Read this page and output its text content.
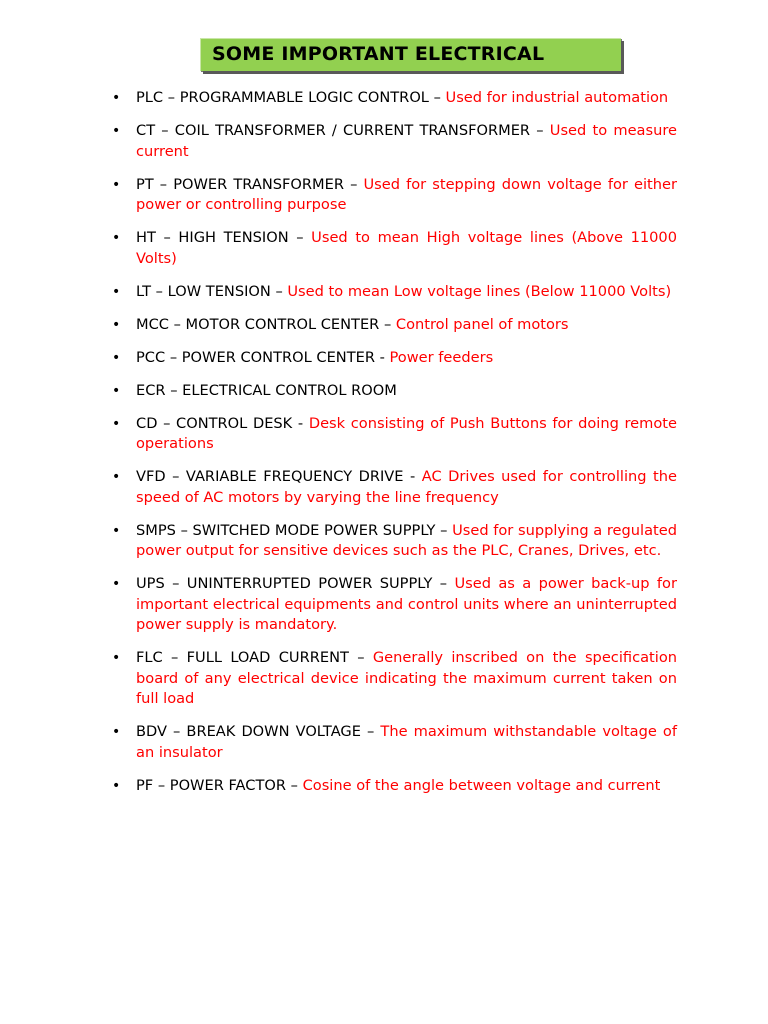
SOME IMPORTANT ELECTRICAL
• PLC – PROGRAMMABLE LOGIC CONTROL – Used for industrial automation
• CT – COIL TRANSFORMER / CURRENT TRANSFORMER – Used to measure current
• PT – POWER TRANSFORMER – Used for stepping down voltage for either power or controlling purpose
• HT – HIGH TENSION – Used to mean High voltage lines (Above 11000 Volts)
• LT – LOW TENSION – Used to mean Low voltage lines (Below 11000 Volts)
• MCC – MOTOR CONTROL CENTER – Control panel of motors
• PCC – POWER CONTROL CENTER - Power feeders
• ECR – ELECTRICAL CONTROL ROOM
• CD – CONTROL DESK - Desk consisting of Push Buttons for doing remote operations
• VFD – VARIABLE FREQUENCY DRIVE - AC Drives used for controlling the speed of AC motors by varying the line frequency
• SMPS – SWITCHED MODE POWER SUPPLY – Used for supplying a regulated power output for sensitive devices such as the PLC, Cranes, Drives, etc.
• UPS – UNINTERRUPTED POWER SUPPLY – Used as a power back-up for important electrical equipments and control units where an uninterrupted power supply is mandatory.
• FLC – FULL LOAD CURRENT – Generally inscribed on the specification board of any electrical device indicating the maximum current taken on full load
• BDV – BREAK DOWN VOLTAGE – The maximum withstandable voltage of an insulator
• PF – POWER FACTOR – Cosine of the angle between voltage and current
